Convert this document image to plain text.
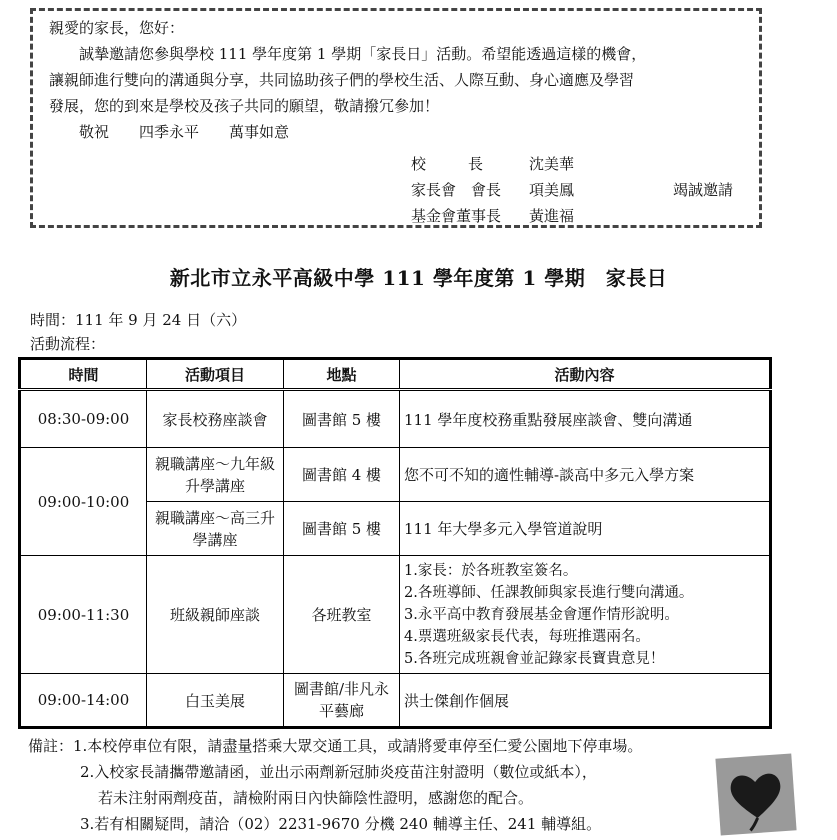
親愛的家長，您好：
誠摯邀請您參與學校 111 學年度第 1 學期「家長日」活動。希望能透過這樣的機會，
讓親師進行雙向的溝通與分享，共同協助孩子們的學校生活、人際互動、身心適應及學習
發展，您的到來是學校及孩子共同的願望，敬請撥冗參加！
敬祝　　四季永平　　萬事如意
校長 沈美華
家長會　會長 項美鳳
基金會董事長 黃進福
竭誠邀請
新北市立永平高級中學 111 學年度第 1 學期　家長日
時間：111 年 9 月 24 日（六）
活動流程：
時間	活動項目	地點	活動內容
08:30-09:00	家長校務座談會	圖書館 5 樓	111 學年度校務重點發展座談會、雙向溝通
09:00-10:00	親職講座～九年級升學講座	圖書館 4 樓	您不可不知的適性輔導-談高中多元入學方案
	親職講座～高三升學講座	圖書館 5 樓	111 年大學多元入學管道說明
09:00-11:30	班級親師座談	各班教室	1.家長：於各班教室簽名。
2.各班導師、任課教師與家長進行雙向溝通。
3.永平高中教育發展基金會運作情形說明。
4.票選班級家長代表，每班推選兩名。
5.各班完成班親會並記錄家長寶貴意見！

09:00-14:00	白玉美展	圖書館/非凡永平藝廊	洪士傑創作個展
備註：1.本校停車位有限，請盡量搭乘大眾交通工具，或請將愛車停至仁愛公園地下停車場。
2.入校家長請攜帶邀請函，並出示兩劑新冠肺炎疫苗注射證明（數位或紙本），
若未注射兩劑疫苗，請檢附兩日內快篩陰性證明，感謝您的配合。
3.若有相關疑問，請洽（02）2231-9670 分機 240 輔導主任、241 輔導組。
